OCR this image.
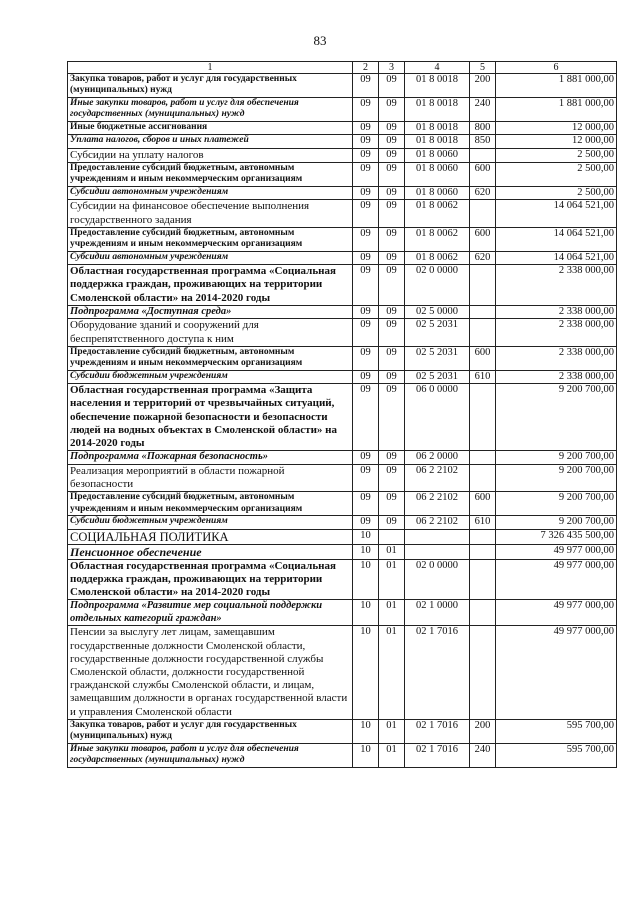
83
1	2	3	4	5	6
Закупка товаров, работ и услуг для государственных (муниципальных) нужд	09	09	01 8 0018	200	1 881 000,00
Иные закупки товаров, работ и услуг для обеспечения государственных (муниципальных) нужд	09	09	01 8 0018	240	1 881 000,00
Иные бюджетные ассигнования	09	09	01 8 0018	800	12 000,00
Уплата налогов, сборов и иных платежей	09	09	01 8 0018	850	12 000,00
Субсидии на уплату налогов	09	09	01 8 0060		2 500,00
Предоставление субсидий бюджетным, автономным учреждениям и иным некоммерческим организациям	09	09	01 8 0060	600	2 500,00
Субсидии автономным учреждениям	09	09	01 8 0060	620	2 500,00
Субсидии на финансовое обеспечение выполнения государственного задания	09	09	01 8 0062		14 064 521,00
Предоставление субсидий бюджетным, автономным учреждениям и иным некоммерческим организациям	09	09	01 8 0062	600	14 064 521,00
Субсидии автономным учреждениям	09	09	01 8 0062	620	14 064 521,00
Областная государственная программа «Социальная поддержка граждан, проживающих на территории Смоленской области» на 2014-2020 годы	09	09	02 0 0000		2 338 000,00
Подпрограмма «Доступная среда»	09	09	02 5 0000		2 338 000,00
Оборудование зданий и сооружений для беспрепятственного доступа к ним	09	09	02 5 2031		2 338 000,00
Предоставление субсидий бюджетным, автономным учреждениям и иным некоммерческим организациям	09	09	02 5 2031	600	2 338 000,00
Субсидии бюджетным учреждениям	09	09	02 5 2031	610	2 338 000,00
Областная государственная программа «Защита населения и территорий от чрезвычайных ситуаций, обеспечение пожарной безопасности и безопасности людей на водных объектах в Смоленской области» на 2014-2020 годы	09	09	06 0 0000		9 200 700,00
Подпрограмма «Пожарная безопасность»	09	09	06 2 0000		9 200 700,00
Реализация мероприятий в области пожарной безопасности	09	09	06 2 2102		9 200 700,00
Предоставление субсидий бюджетным, автономным учреждениям и иным некоммерческим организациям	09	09	06 2 2102	600	9 200 700,00
Субсидии бюджетным учреждениям	09	09	06 2 2102	610	9 200 700,00
СОЦИАЛЬНАЯ ПОЛИТИКА	10				7 326 435 500,00
Пенсионное обеспечение	10	01			49 977 000,00
Областная государственная программа «Социальная поддержка граждан, проживающих на территории Смоленской области» на 2014-2020 годы	10	01	02 0 0000		49 977 000,00
Подпрограмма «Развитие мер социальной поддержки отдельных категорий граждан»	10	01	02 1 0000		49 977 000,00
Пенсии за выслугу лет лицам, замещавшим государственные должности Смоленской области, государственные должности государственной службы Смоленской области, должности государственной гражданской службы Смоленской области, и лицам, замещавшим должности в органах государственной власти и управления Смоленской области	10	01	02 1 7016		49 977 000,00
Закупка товаров, работ и услуг для государственных (муниципальных) нужд	10	01	02 1 7016	200	595 700,00
Иные закупки товаров, работ и услуг для обеспечения государственных (муниципальных) нужд	10	01	02 1 7016	240	595 700,00
